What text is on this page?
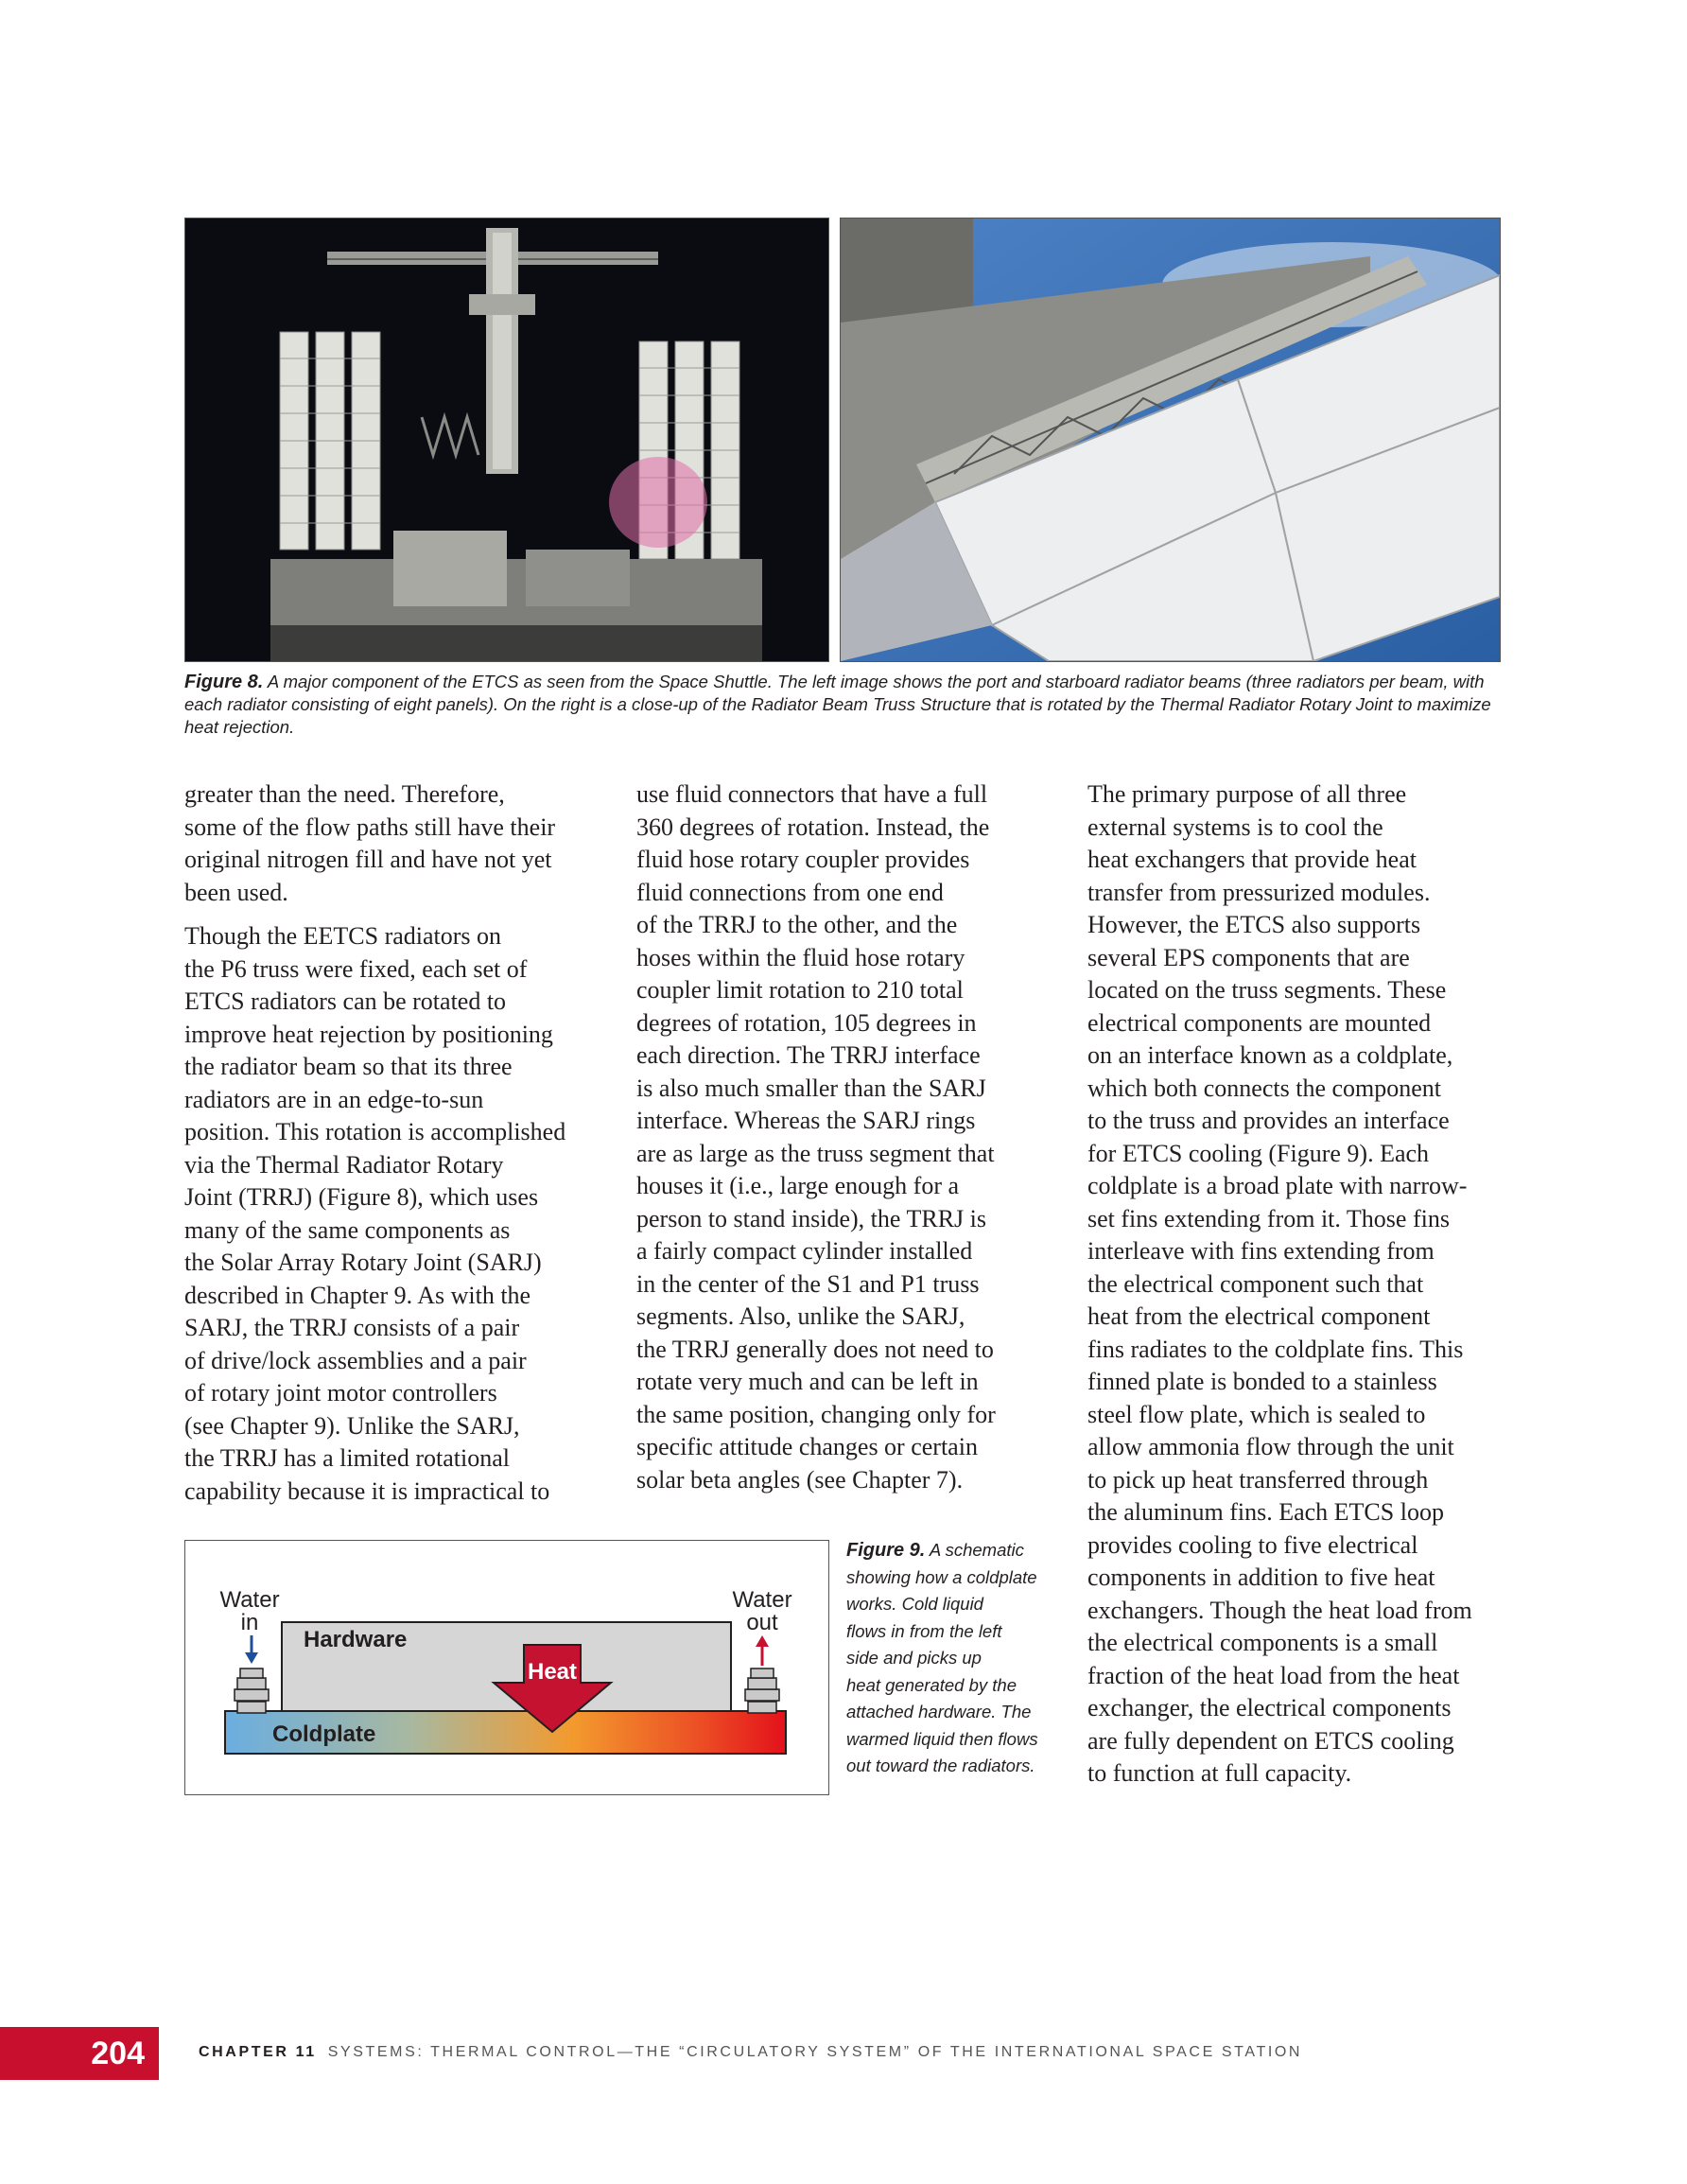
Figure 8. A major component of the ETCS as seen from the Space Shuttle. The left image shows the port and starboard radiator beams (three radiators per beam, with each radiator consisting of eight panels). On the right is a close-up of the Radiator Beam Truss Structure that is rotated by the Thermal Radiator Rotary Joint to maximize heat rejection.

greater than the need. Therefore,
some of the flow paths still have their
original nitrogen fill and have not yet
been used.

Though the EETCS radiators on
the P6 truss were fixed, each set of
ETCS radiators can be rotated to
improve heat rejection by positioning
the radiator beam so that its three
radiators are in an edge-to-sun
position. This rotation is accomplished
via the Thermal Radiator Rotary
Joint (TRRJ) (Figure 8), which uses
many of the same components as
the Solar Array Rotary Joint (SARJ)
described in Chapter 9. As with the
SARJ, the TRRJ consists of a pair
of drive/lock assemblies and a pair
of rotary joint motor controllers
(see Chapter 9). Unlike the SARJ,
the TRRJ has a limited rotational
capability because it is impractical to

use fluid connectors that have a full
360 degrees of rotation. Instead, the
fluid hose rotary coupler provides
fluid connections from one end
of the TRRJ to the other, and the
hoses within the fluid hose rotary
coupler limit rotation to 210 total
degrees of rotation, 105 degrees in
each direction. The TRRJ interface
is also much smaller than the SARJ
interface. Whereas the SARJ rings
are as large as the truss segment that
houses it (i.e., large enough for a
person to stand inside), the TRRJ is
a fairly compact cylinder installed
in the center of the S1 and P1 truss
segments. Also, unlike the SARJ,
the TRRJ generally does not need to
rotate very much and can be left in
the same position, changing only for
specific attitude changes or certain
solar beta angles (see Chapter 7).

The primary purpose of all three
external systems is to cool the
heat exchangers that provide heat
transfer from pressurized modules.
However, the ETCS also supports
several EPS components that are
located on the truss segments. These
electrical components are mounted
on an interface known as a coldplate,
which both connects the component
to the truss and provides an interface
for ETCS cooling (Figure 9). Each
coldplate is a broad plate with narrow-
set fins extending from it. Those fins
interleave with fins extending from
the electrical component such that
heat from the electrical component
fins radiates to the coldplate fins. This
finned plate is bonded to a stainless
steel flow plate, which is sealed to
allow ammonia flow through the unit
to pick up heat transferred through
the aluminum fins. Each ETCS loop
provides cooling to five electrical
components in addition to five heat
exchangers. Though the heat load from
the electrical components is a small
fraction of the heat load from the heat
exchanger, the electrical components
are fully dependent on ETCS cooling
to function at full capacity.

Hardware
Coldplate
Heat
Water
in
Water
out
Figure 9. A schematic
showing how a coldplate
works. Cold liquid
flows in from the left
side and picks up
heat generated by the
attached hardware. The
warmed liquid then flows
out toward the radiators.
204	CHAPTER 11 SYSTEMS: THERMAL CONTROL—THE “CIRCULATORY SYSTEM” OF THE INTERNATIONAL SPACE STATION
